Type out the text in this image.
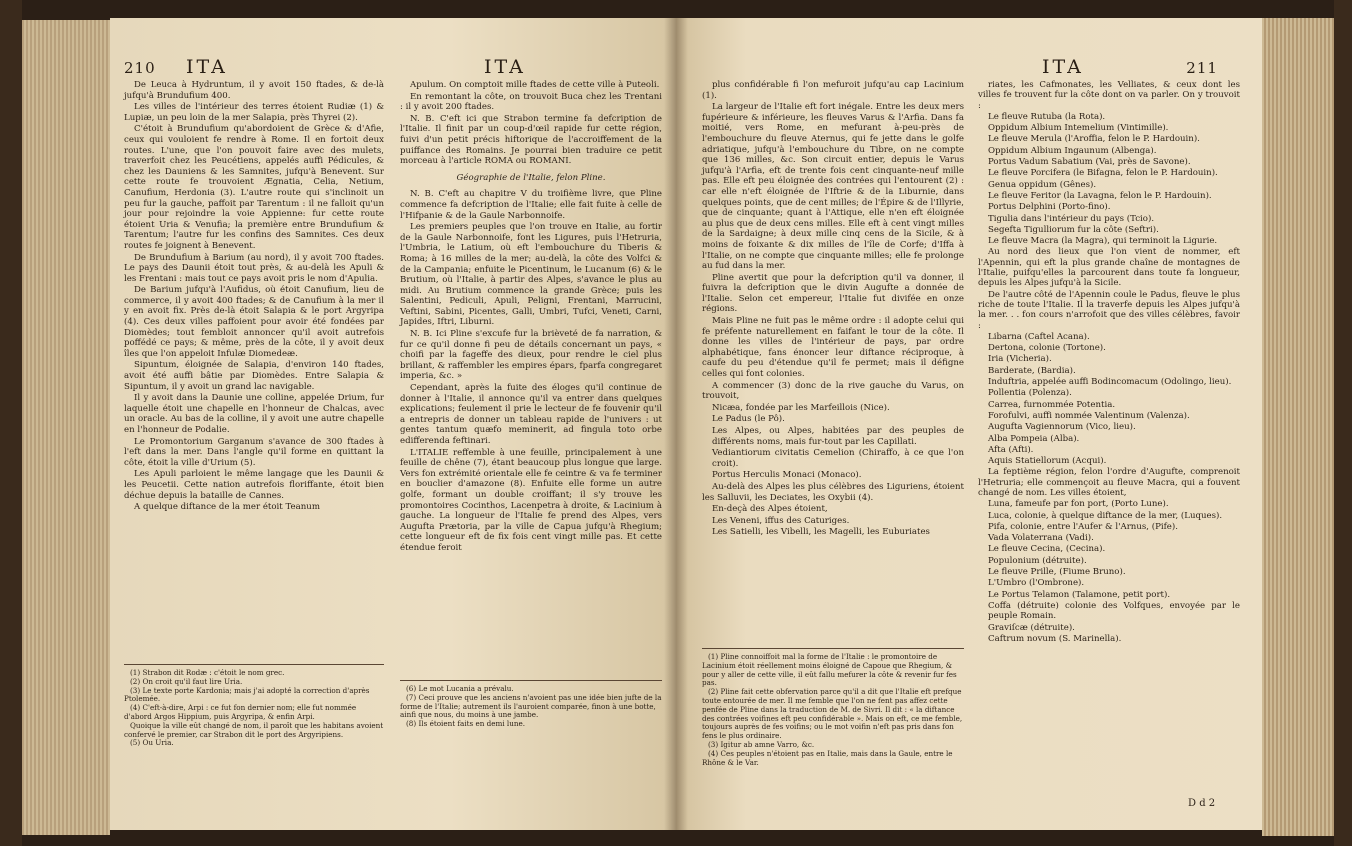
210 ITA	ITA

De Leuca à Hydruntum, il y avoit 150 ftades, & de-là jufqu'à Brundufium 400.

Les villes de l'intérieur des terres étoient Rudiæ (1) & Lupiæ, un peu loin de la mer Salapia, près Thyrei (2).

C'étoit à Brundufium qu'abordoient de Grèce & d'Afie, ceux qui vouloient fe rendre à Rome. Il en fortoit deux routes. L'une, que l'on pouvoit faire avec des mulets, traverfoit chez les Peucétiens, appelés auffi Pédicules, & chez les Dauniens & les Samnites, jufqu'à Benevent. Sur cette route fe trouvoient Ægnatia, Celia, Netium, Canufium, Herdonia (3). L'autre route qui s'inclinoit un peu fur la gauche, paffoit par Tarentum : il ne falloit qu'un jour pour rejoindre la voie Appienne: fur cette route étoient Uria & Venufia; la première entre Brundufium & Tarentum; l'autre fur les confins des Samnites. Ces deux routes fe joignent à Benevent.

De Brundufium à Barium (au nord), il y avoit 700 ftades. Le pays des Daunii étoit tout près, & au-delà les Apuli & les Frentani : mais tout ce pays avoit pris le nom d'Apulia.

De Barium jufqu'à l'Aufidus, où étoit Canufium, lieu de commerce, il y avoit 400 ftades; & de Canufium à la mer il y en avoit fix. Près de-là étoit Salapia & le port Argyripa (4). Ces deux villes paffoient pour avoir été fondées par Diomèdes; tout fembloit annoncer qu'il avoit autrefois poffédé ce pays; & même, près de la côte, il y avoit deux îles que l'on appeloit Infulæ Diomedeæ.

Sipuntum, éloignée de Salapia, d'environ 140 ftades, avoit été auffi bâtie par Diomèdes. Entre Salapia & Sipuntum, il y avoit un grand lac navigable.

Il y avoit dans la Daunie une colline, appelée Drium, fur laquelle étoit une chapelle en l'honneur de Chalcas, avec un oracle. Au bas de la colline, il y avoit une autre chapelle en l'honneur de Podalie.

Le Promontorium Garganum s'avance de 300 ftades à l'eft dans la mer. Dans l'angle qu'il forme en quittant la côte, étoit la ville d'Urium (5).

Les Apuli parloient le même langage que les Daunii & les Peucetii. Cette nation autrefois floriffante, étoit bien déchue depuis la bataille de Cannes.

A quelque diftance de la mer étoit Teanum

(1) Strabon dit Rodæ : c'étoit le nom grec.

(2) On croit qu'il faut lire Uria.

(3) Le texte porte Kardonia; mais j'ai adopté la correction d'après Ptolemée.

(4) C'eft-à-dire, Arpi : ce fut fon dernier nom; elle fut nommée d'abord Argos Hippium, puis Argyripa, & enfin Arpi.

Quoique la ville eût changé de nom, il paroît que les habitans avoient confervé le premier, car Strabon dit le port des Argyripiens.

(5) Ou Uria.

Apulum. On comptoit mille ftades de cette ville à Puteoli.

En remontant la côte, on trouvoit Buca chez les Trentani : il y avoit 200 ftades.

N. B. C'eft ici que Strabon termine fa defcription de l'Italie. Il finit par un coup-d'œil rapide fur cette région, fuivi d'un petit précis hiftorique de l'accroiffement de la puiffance des Romains. Je pourrai bien traduire ce petit morceau à l'article ROMA ou ROMANI.

Géographie de l'Italie, felon Pline.

N. B. C'eft au chapitre V du troifième livre, que Pline commence fa defcription de l'Italie; elle fait fuite à celle de l'Hifpanie & de la Gaule Narbonnoife.

Les premiers peuples que l'on trouve en Italie, au fortir de la Gaule Narbonnoife, font les Ligures, puis l'Hetruria, l'Umbria, le Latium, où eft l'embouchure du Tiberis & Roma; à 16 milles de la mer; au-delà, la côte des Volfci & de la Campania; enfuite le Picentinum, le Lucanum (6) & le Brutium, où l'Italie, à partir des Alpes, s'avance le plus au midi. Au Brutium commence la grande Grèce; puis les Salentini, Pediculi, Apuli, Peligni, Frentani, Marrucini, Veftini, Sabini, Picentes, Galli, Umbri, Tufci, Veneti, Carni, Japides, Iftri, Liburni.

N. B. Ici Pline s'excufe fur la brièveté de fa narration, & fur ce qu'il donne fi peu de détails concernant un pays, « choifi par la fageffe des dieux, pour rendre le ciel plus brillant, & raffembler les empires épars, fparfa congregaret imperia, &c. »

Cependant, après la fuite des éloges qu'il continue de donner à l'Italie, il annonce qu'il va entrer dans quelques explications; feulement il prie le lecteur de fe fouvenir qu'il a entrepris de donner un tableau rapide de l'univers : ut gentes tantum quæfo meminerit, ad fingula toto orbe edifferenda feftinari.

L'ITALIE reffemble à une feuille, principalement à une feuille de chêne (7), étant beaucoup plus longue que large. Vers fon extrémité orientale elle fe ceintre & va fe terminer en bouclier d'amazone (8). Enfuite elle forme un autre golfe, formant un double croiffant; il s'y trouve les promontoires Cocinthos, Lacenpetra à droite, & Lacinium à gauche. La longueur de l'Italie fe prend des Alpes, vers Augufta Prætoria, par la ville de Capua jufqu'à Rhegium; cette longueur eft de fix fois cent vingt mille pas. Et cette étendue feroit

(6) Le mot Lucania a prévalu.

(7) Ceci prouve que les anciens n'avoient pas une idée bien jufte de la forme de l'Italie; autrement ils l'auroient comparée, finon à une botte, ainfi que nous, du moins à une jambe.

(8) Ils étoient faits en demi lune.

ITA	211

plus confidérable fi l'on mefuroit jufqu'au cap Lacinium (1).

La largeur de l'Italie eft fort inégale. Entre les deux mers fupérieure & inférieure, les fleuves Varus & l'Arfia. Dans fa moitié, vers Rome, en mefurant à-peu-près de l'embouchure du fleuve Aternus, qui fe jette dans le golfe adriatique, jufqu'à l'embouchure du Tibre, on ne compte que 136 milles, &c. Son circuit entier, depuis le Varus jufqu'à l'Arfia, eft de trente fois cent cinquante-neuf mille pas. Elle eft peu éloignée des contrées qui l'entourent (2) : car elle n'eft éloignée de l'Iftrie & de la Liburnie, dans quelques points, que de cent milles; de l'Épire & de l'Illyrie, que de cinquante; quant à l'Attique, elle n'en eft éloignée au plus que de deux cens milles. Elle eft à cent vingt milles de la Sardaigne; à deux mille cinq cens de la Sicile, & à moins de foixante & dix milles de l'île de Corfe; d'Iffa à l'Italie, on ne compte que cinquante milles; elle fe prolonge au fud dans la mer.

Pline avertit que pour la defcription qu'il va donner, il fuivra la defcription que le divin Augufte a donnée de l'Italie. Selon cet empereur, l'Italie fut divifée en onze régions.

Mais Pline ne fuit pas le même ordre : il adopte celui qui fe préfente naturellement en faifant le tour de la côte. Il donne les villes de l'intérieur de pays, par ordre alphabétique, fans énoncer leur diftance réciproque, à caufe du peu d'étendue qu'il fe permet; mais il défigne celles qui font colonies.

A commencer (3) donc de la rive gauche du Varus, on trouvoit,

Nicæa, fondée par les Marfeillois (Nice).

Le Padus (le Pô).

Les Alpes, ou Alpes, habitées par des peuples de différents noms, mais fur-tout par les Capillati.

Vediantiorum civitatis Cemelion (Chiraffo, à ce que l'on croit).

Portus Herculis Monaci (Monaco).

Au-delà des Alpes les plus célèbres des Liguriens, étoient les Salluvii, les Deciates, les Oxybii (4).

En-deçà des Alpes étoient,

Les Veneni, iffus des Caturiges.

Les Satielli, les Vibelli, les Magelli, les Euburiates

(1) Pline connoiffoit mal la forme de l'Italie : le promontoire de Lacinium étoit réellement moins éloigné de Capoue que Rhegium, & pour y aller de cette ville, il eût fallu mefurer la côte & revenir fur fes pas.

(2) Pline fait cette obfervation parce qu'il a dit que l'Italie eft prefque toute entourée de mer. Il me femble que l'on ne fent pas affez cette penfée de Pline dans la traduction de M. de Sivri. Il dit : « la diftance des contrées voifines eft peu confidérable ». Mais on eft, ce me femble, toujours auprès de fes voifins; ou le mot voifin n'eft pas pris dans fon fens le plus ordinaire.

(3) Igitur ab amne Varro, &c.

(4) Ces peuples n'étoient pas en Italie, mais dans la Gaule, entre le Rhône & le Var.

riates, les Cafmonates, les Velliates, & ceux dont les villes fe trouvent fur la côte dont on va parler. On y trouvoit :

Le fleuve Rutuba (la Rota).

Oppidum Albium Intemelium (Vintimille).

Le fleuve Merula (l'Aroffia, felon le P. Hardouin).

Oppidum Albium Ingaunum (Albenga).

Portus Vadum Sabatium (Vai, près de Savone).

Le fleuve Porcifera (le Bifagna, felon le P. Hardouin).

Genua oppidum (Gênes).

Le fleuve Feritor (la Lavagna, felon le P. Hardouin).

Portus Delphini (Porto-fino).

Tigulia dans l'intérieur du pays (Tcio).

Segefta Tigulliorum fur la côte (Seftri).

Le fleuve Macra (la Magra), qui terminoit la Ligurie.

Au nord des lieux que l'on vient de nommer, eft l'Apennin, qui eft la plus grande chaîne de montagnes de l'Italie, puifqu'elles la parcourent dans toute fa longueur, depuis les Alpes jufqu'à la Sicile.

De l'autre côté de l'Apennin coule le Padus, fleuve le plus riche de toute l'Italie. Il la traverfe depuis les Alpes jufqu'à la mer. . . fon cours n'arrofoit que des villes célèbres, favoir :

Libarna (Caftel Acana).

Dertona, colonie (Tortone).

Iria (Vicheria).

Barderate, (Bardia).

Induftria, appelée auffi Bodincomacum (Odolingo, lieu).

Pollentia (Polenza).

Carrea, furnommée Potentia.

Forofulvi, auffi nommée Valentinum (Valenza).

Augufta Vagiennorum (Vico, lieu).

Alba Pompeia (Alba).

Afta (Afti).

Aquis Statiellorum (Acqui).

La feptième région, felon l'ordre d'Augufte, comprenoit l'Hetruria; elle commençoit au fleuve Macra, qui a fouvent changé de nom. Les villes étoient,

Luna, fameufe par fon port, (Porto Lune).

Luca, colonie, à quelque diftance de la mer, (Luques).

Pifa, colonie, entre l'Aufer & l'Arnus, (Pife).

Vada Volaterrana (Vadi).

Le fleuve Cecina, (Cecina).

Populonium (détruite).

Le fleuve Prille, (Fiume Bruno).

L'Umbro (l'Ombrone).

Le Portus Telamon (Talamone, petit port).

Coffa (détruite) colonie des Volfques, envoyée par le peuple Romain.

Graviſcæ (détruite).

Caftrum novum (S. Marinella).

D d 2
